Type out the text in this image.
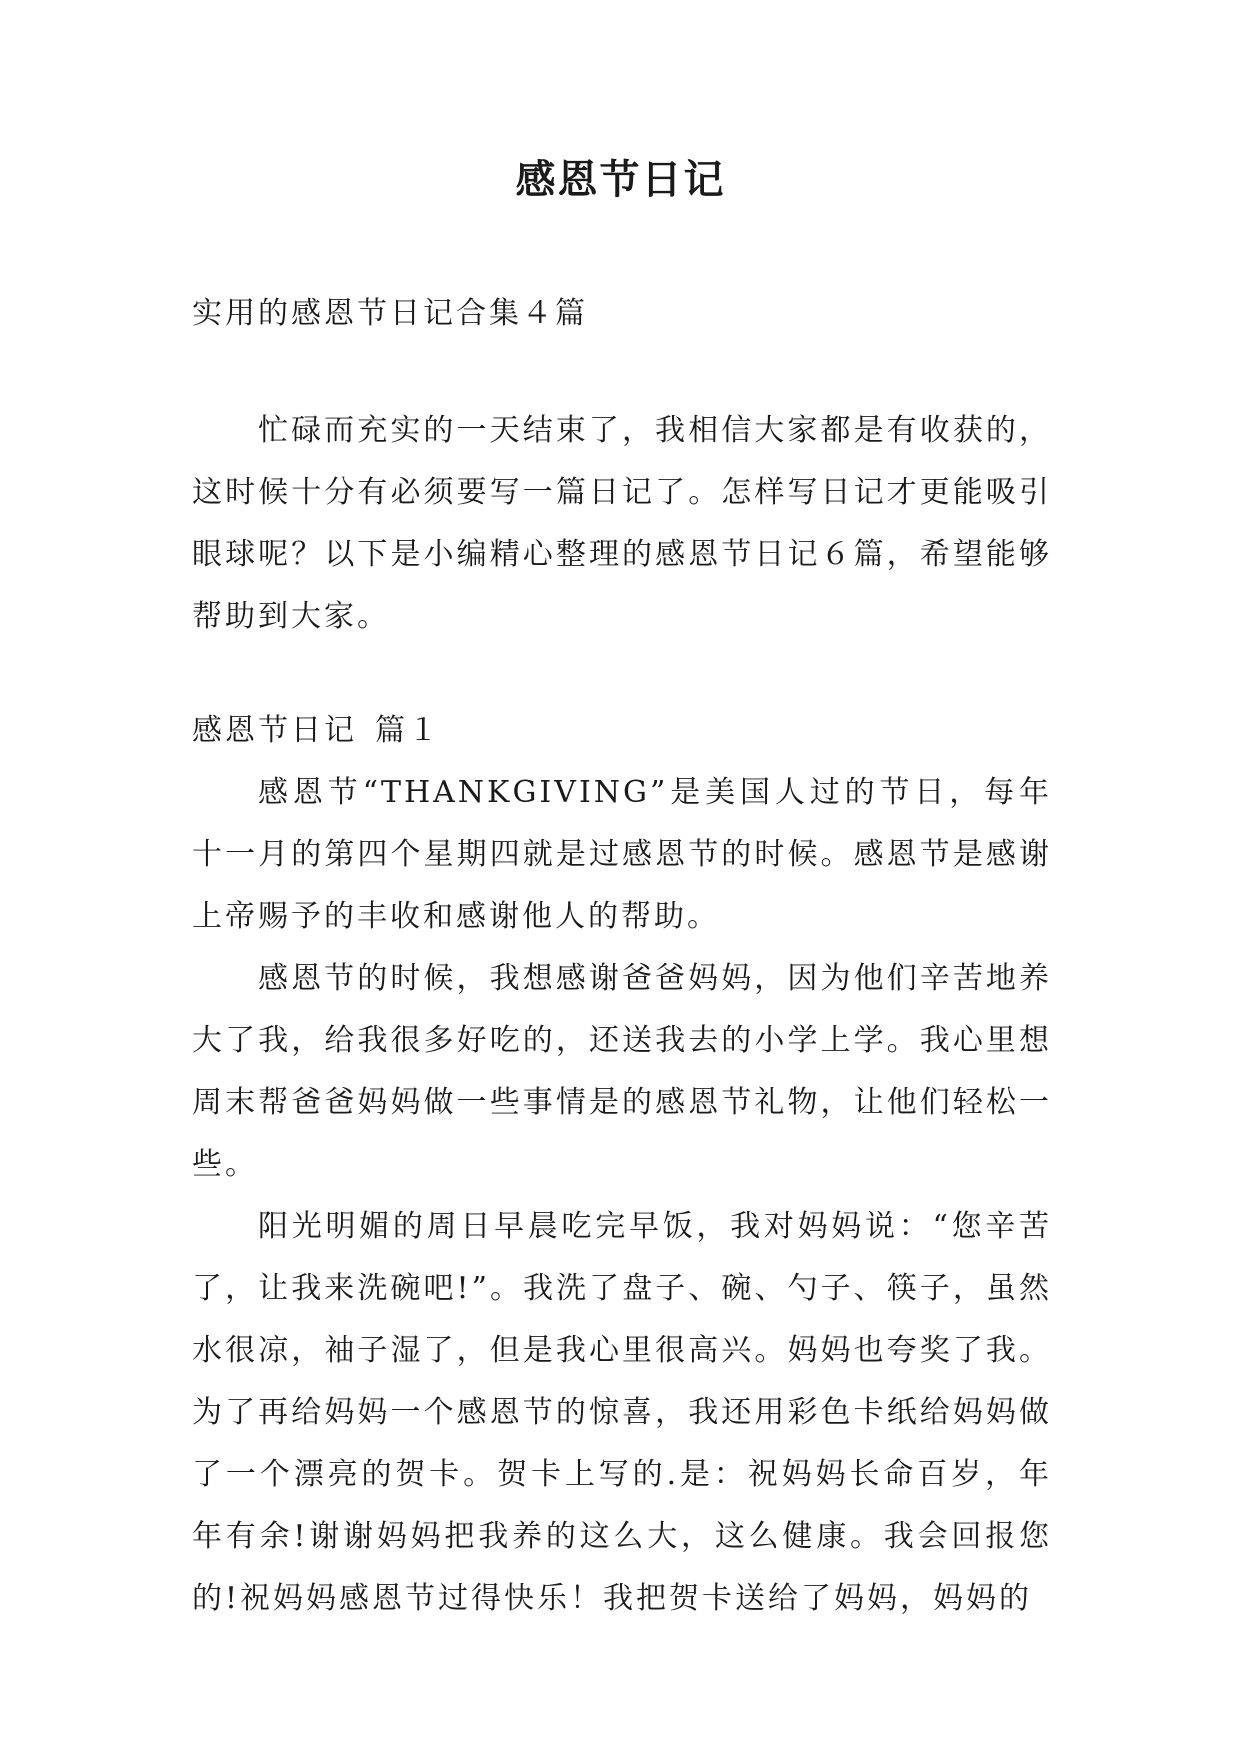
感恩节日记

实用的感恩节日记合集４篇

忙碌而充实的一天结束了，我相信大家都是有收获的，这时候十分有必须要写一篇日记了。怎样写日记才更能吸引眼球呢？以下是小编精心整理的感恩节日记６篇，希望能够帮助到大家。

感恩节日记 篇１

感恩节“THANKGIVING”是美国人过的节日，每年十一月的第四个星期四就是过感恩节的时候。感恩节是感谢上帝赐予的丰收和感谢他人的帮助。

感恩节的时候，我想感谢爸爸妈妈，因为他们辛苦地养大了我，给我很多好吃的，还送我去的小学上学。我心里想周末帮爸爸妈妈做一些事情是的感恩节礼物，让他们轻松一些。

阳光明媚的周日早晨吃完早饭，我对妈妈说：“您辛苦了，让我来洗碗吧!”。我洗了盘子、碗、勺子、筷子，虽然水很凉，袖子湿了，但是我心里很高兴。妈妈也夸奖了我。为了再给妈妈一个感恩节的惊喜，我还用彩色卡纸给妈妈做了一个漂亮的贺卡。贺卡上写的.是：祝妈妈长命百岁，年年有余!谢谢妈妈把我养的这么大，这么健康。我会回报您的!祝妈妈感恩节过得快乐！我把贺卡送给了妈妈，妈妈的
